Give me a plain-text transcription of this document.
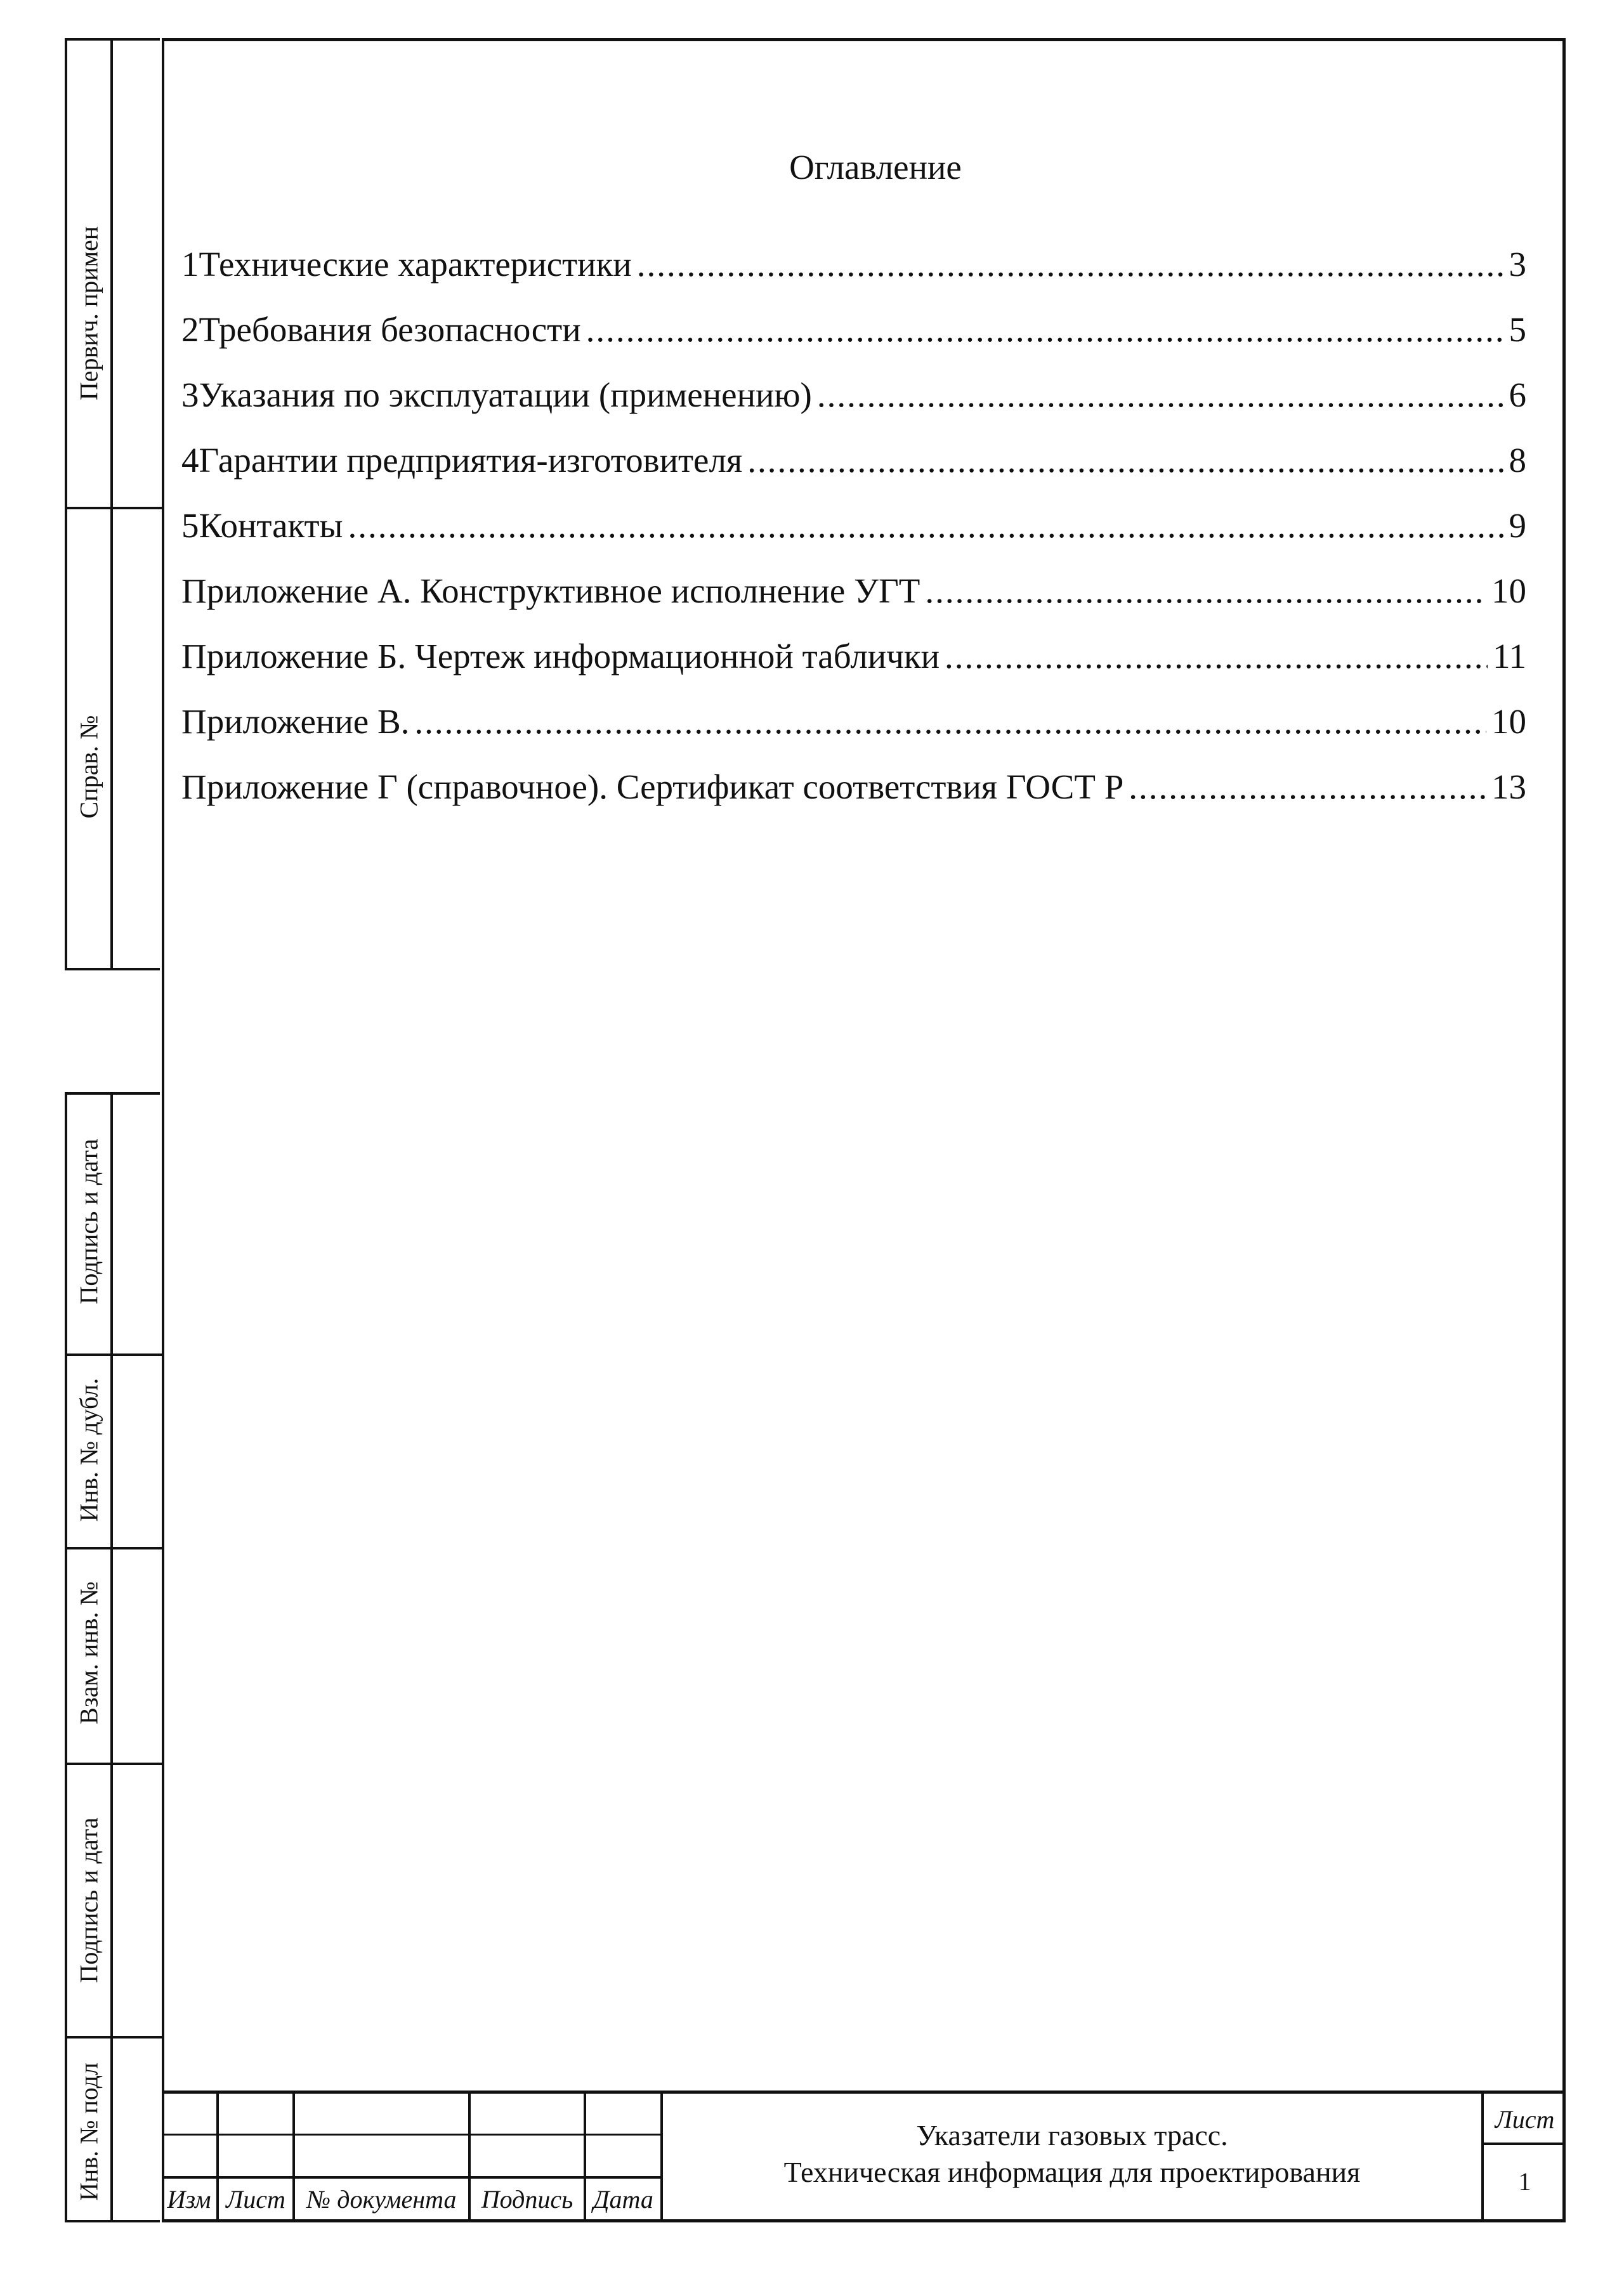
Первич. примен
Справ. №
Подпись и дата
Инв. № дубл.
Взам. инв. №
Подпись и дата
Инв. № подл
Оглавление
1Технические характеристики .....	3
2Требования безопасности .....	5
3Указания по эксплуатации (применению) .....	6
4Гарантии предприятия-изготовителя .....	8
5Контакты .....	9
Приложение А. Конструктивное исполнение УГТ .....	10
Приложение Б. Чертеж информационной таблички .....	11
Приложение В. .....	10
Приложение Г (справочное). Сертификат соответствия ГОСТ Р .....	13
Изм Лист № документа Подпись Дата
Указатели газовых трасс.
Техническая информация для проектирования
Лист
1
